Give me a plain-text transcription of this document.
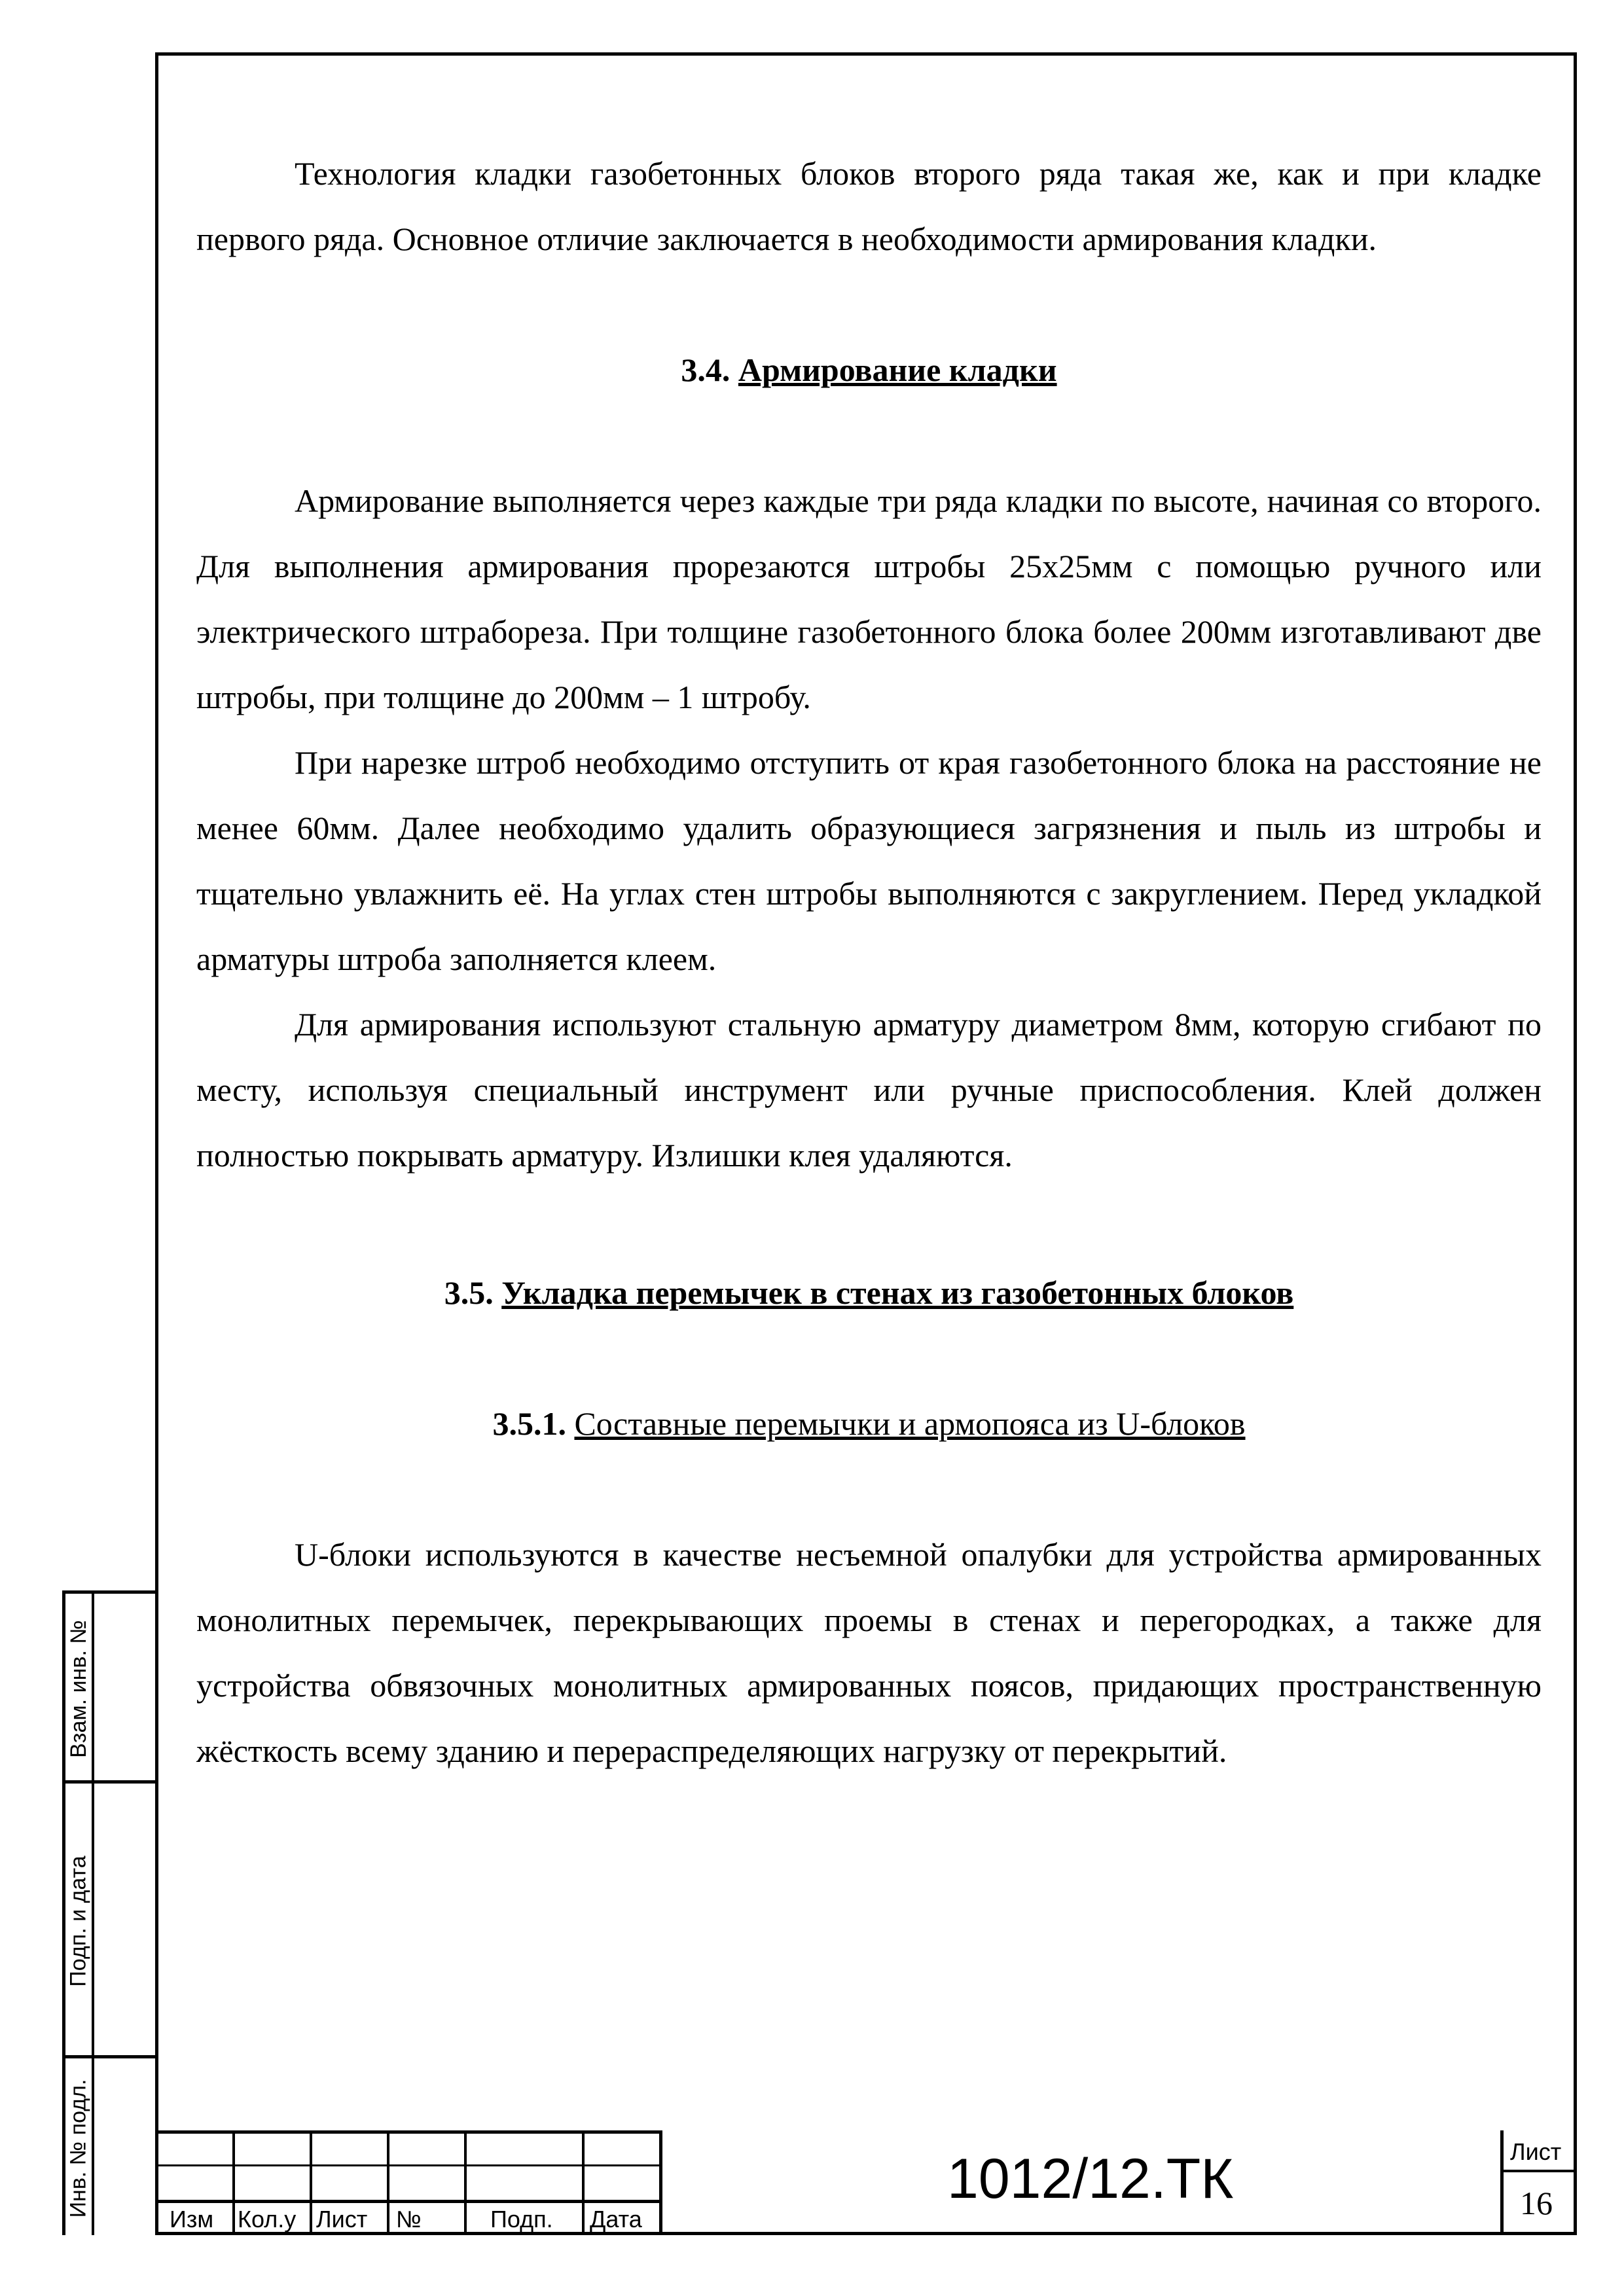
Технология кладки газобетонных блоков второго ряда такая же, как и при кладке первого ряда. Основное отличие заключается в необходимости армирования кладки.

3.4. Армирование кладки

Армирование выполняется через каждые три ряда кладки по высоте, начиная со второго. Для выполнения армирования прорезаются штробы 25х25мм с помощью ручного или электрического штрабореза. При толщине газобетонного блока более 200мм изготавливают две штробы, при толщине до 200мм – 1 штробу.

При нарезке штроб необходимо отступить от края газобетонного блока на расстояние не менее 60мм. Далее необходимо удалить образующиеся загрязнения и пыль из штробы и тщательно увлажнить её. На углах стен штробы выполняются с закруглением. Перед укладкой арматуры штроба заполняется клеем.

Для армирования используют стальную арматуру диаметром 8мм, которую сгибают по месту, используя специальный инструмент или ручные приспособления. Клей должен полностью покрывать арматуру. Излишки клея удаляются.

3.5. Укладка перемычек в стенах из газобетонных блоков

3.5.1. Составные перемычки и армопояса из U-блоков

U-блоки используются в качестве несъемной опалубки для устройства армированных монолитных перемычек, перекрывающих проемы в стенах и перегородках, а также для устройства обвязочных монолитных армированных поясов, придающих пространственную жёсткость всему зданию и перераспределяющих нагрузку от перекрытий.

Взам. инв. №
Подп. и дата
Инв. № подл.
Изм Кол.у Лист №	Подп. Дата
1012/12.ТК	Лист
16
